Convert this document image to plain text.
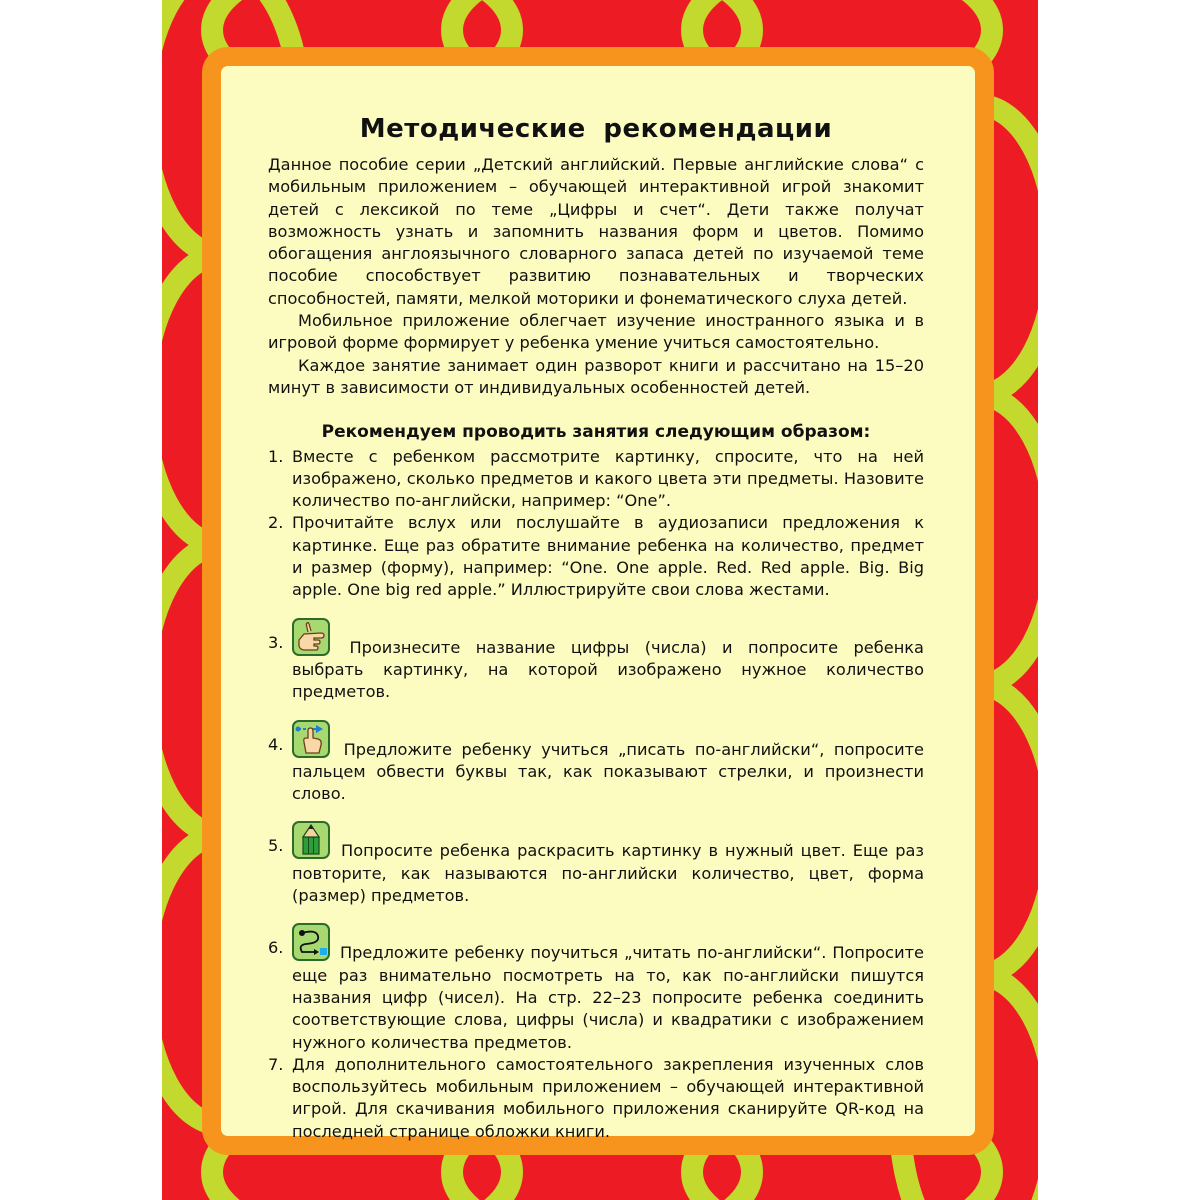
Методические рекомендации

Данное пособие серии „Детский английский. Первые английские слова“ с мобильным приложением – обучающей интерактивной игрой знакомит детей с лексикой по теме „Цифры и счет“. Дети также получат возможность узнать и запомнить названия форм и цветов. Помимо обогащения англоязычного словарного запаса детей по изучаемой теме пособие способствует развитию познавательных и творческих способностей, памяти, мелкой моторики и фонематического слуха детей.

Мобильное приложение облегчает изучение иностранного языка и в игровой форме формирует у ребенка умение учиться самостоятельно.

Каждое занятие занимает один разворот книги и рассчитано на 15–20 минут в зависимости от индивидуальных особенностей детей.

Рекомендуем проводить занятия следующим образом:
1. Вместе с ребенком рассмотрите картинку, спросите, что на ней изображено, сколько предметов и какого цвета эти предметы. Назовите количество по-английски, например: “One”.
2. Прочитайте вслух или послушайте в аудиозаписи предложения к картинке. Еще раз обратите внимание ребенка на количество, предмет и размер (форму), например: “One. One apple. Red. Red apple. Big. Big apple. One big red apple.” Иллюстрируйте свои слова жестами.
3.	Произнесите название цифры (числа) и попросите ребенка выбрать картинку, на которой изображено нужное количество предметов.
4.	Предложите ребенку учиться „писать по-английски“, попросите пальцем обвести буквы так, как показывают стрелки, и произнести слово.
5.	Попросите ребенка раскрасить картинку в нужный цвет. Еще раз повторите, как называются по-английски количество, цвет, форма (размер) предметов.
6.	Предложите ребенку поучиться „читать по-английски“. Попросите еще раз внимательно посмотреть на то, как по-английски пишутся названия цифр (чисел). На стр. 22–23 попросите ребенка соединить соответствующие слова, цифры (числа) и квадратики с изображением нужного количества предметов.
7. Для дополнительного самостоятельного закрепления изученных слов воспользуйтесь мобильным приложением – обучающей интерактивной игрой. Для скачивания мобильного приложения сканируйте QR-код на последней странице обложки книги.
